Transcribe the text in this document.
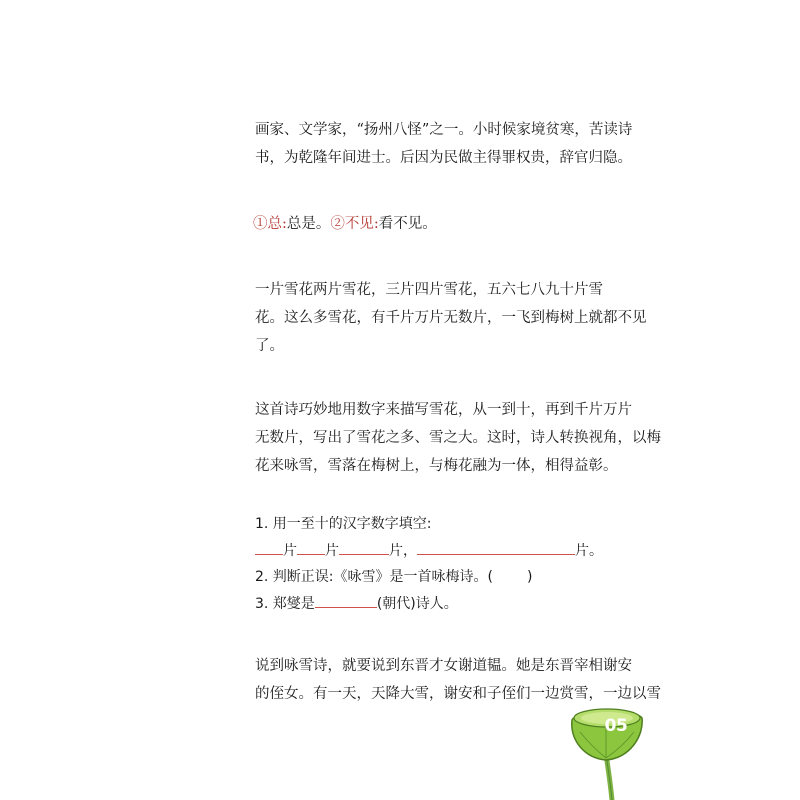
画家、文学家，“扬州八怪”之一。小时候家境贫寒，苦读诗
书，为乾隆年间进士。后因为民做主得罪权贵，辞官归隐。
①总:总是。②不见:看不见。
一片雪花两片雪花，三片四片雪花，五六七八九十片雪
花。这么多雪花，有千片万片无数片，一飞到梅树上就都不见
了。
这首诗巧妙地用数字来描写雪花，从一到十，再到千片万片
无数片，写出了雪花之多、雪之大。这时，诗人转换视角，以梅
花来咏雪，雪落在梅树上，与梅花融为一体，相得益彰。
1. 用一至十的汉字数字填空:
片 片	片，	片。
2. 判断正误:《咏雪》是一首咏梅诗。( )
3. 郑燮是	(朝代)诗人。
说到咏雪诗，就要说到东晋才女谢道韫。她是东晋宰相谢安
的侄女。有一天，天降大雪，谢安和子侄们一边赏雪，一边以雪
05
